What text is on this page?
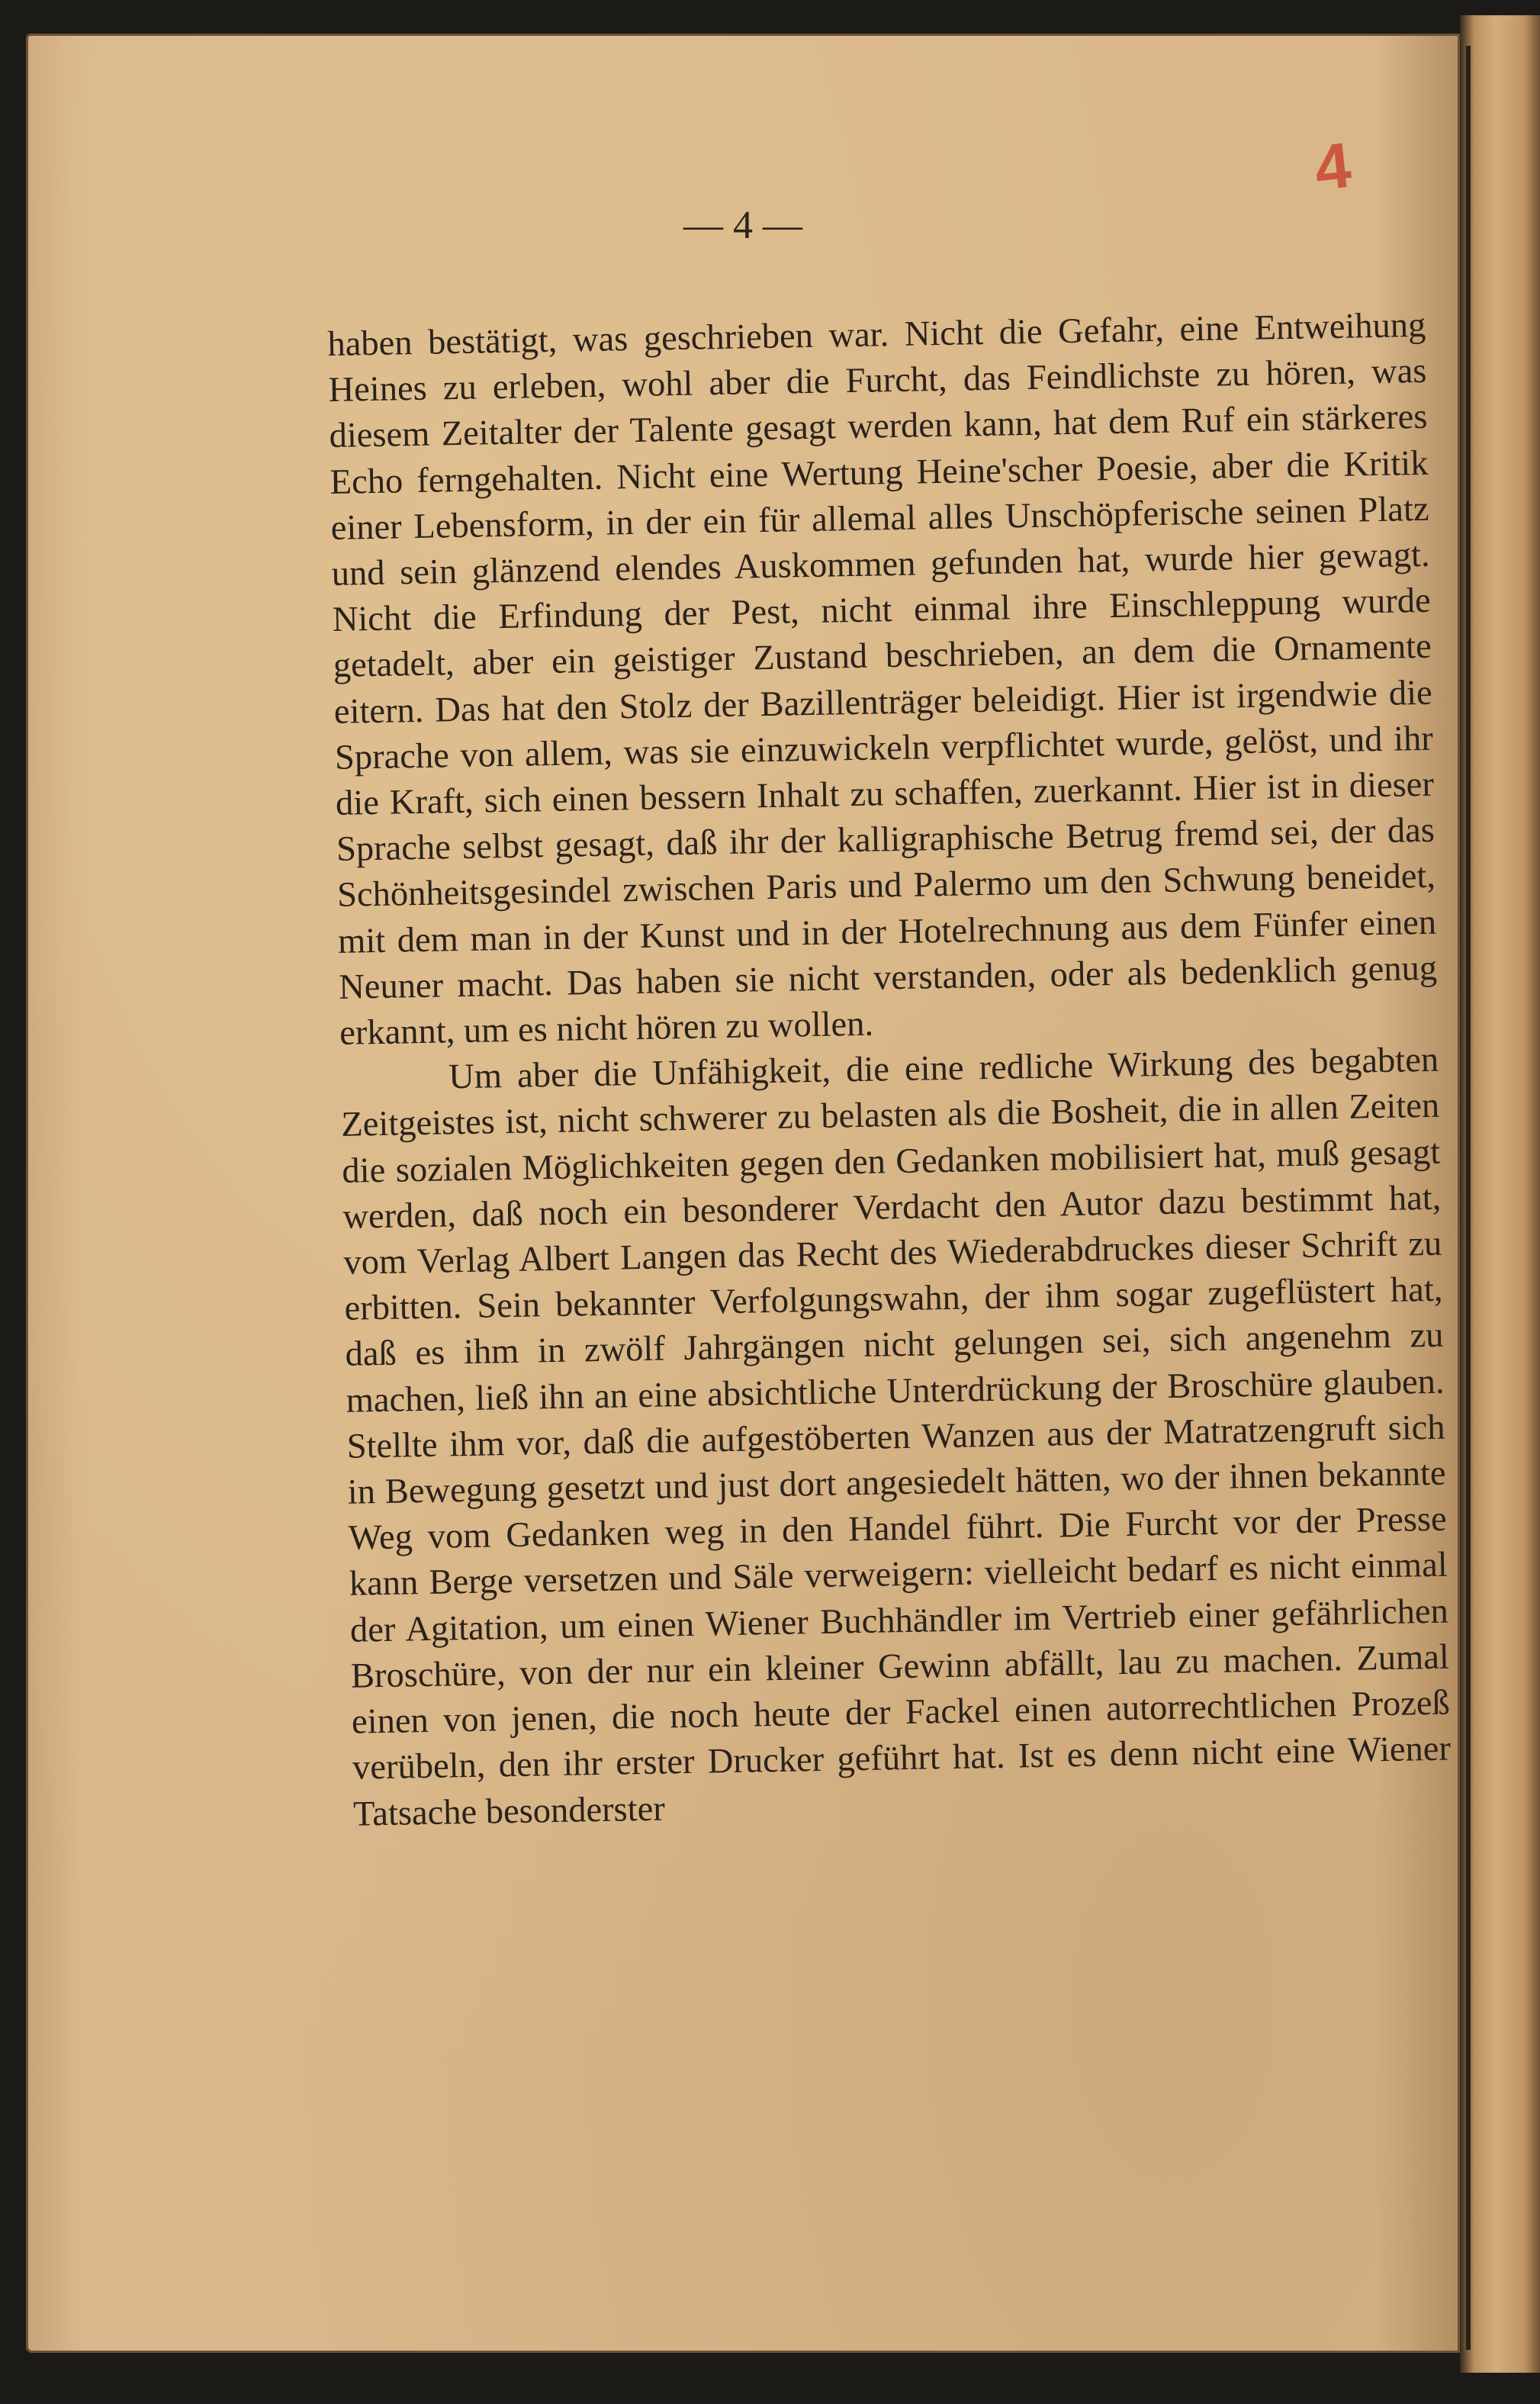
4

— 4 —

haben bestätigt, was geschrieben war. Nicht die Gefahr, eine Entweihung Heines zu erleben, wohl aber die Furcht, das Feindlichste zu hören, was diesem Zeitalter der Talente gesagt werden kann, hat dem Ruf ein stärkeres Echo ferngehalten. Nicht eine Wertung Heine'scher Poesie, aber die Kritik einer Lebensform, in der ein für allemal alles Unschöpferische seinen Platz und sein glänzend elendes Auskommen gefunden hat, wurde hier gewagt. Nicht die Erfindung der Pest, nicht einmal ihre Einschleppung wurde getadelt, aber ein geistiger Zustand beschrieben, an dem die Ornamente eitern. Das hat den Stolz der Bazillenträger beleidigt. Hier ist irgendwie die Sprache von allem, was sie einzuwickeln verpflichtet wurde, gelöst, und ihr die Kraft, sich einen bessern Inhalt zu schaffen, zuerkannt. Hier ist in dieser Sprache selbst gesagt, daß ihr der kalligraphische Betrug fremd sei, der das Schönheitsgesindel zwischen Paris und Palermo um den Schwung beneidet, mit dem man in der Kunst und in der Hotelrechnung aus dem Fünfer einen Neuner macht. Das haben sie nicht verstanden, oder als bedenklich genug erkannt, um es nicht hören zu wollen.

Um aber die Unfähigkeit, die eine redliche Wirkung des begabten Zeitgeistes ist, nicht schwerer zu belasten als die Bosheit, die in allen Zeiten die sozialen Möglichkeiten gegen den Gedanken mobilisiert hat, muß gesagt werden, daß noch ein besonderer Verdacht den Autor dazu bestimmt hat, vom Verlag Albert Langen das Recht des Wiederabdruckes dieser Schrift zu erbitten. Sein bekannter Verfolgungswahn, der ihm sogar zugeflüstert hat, daß es ihm in zwölf Jahrgängen nicht gelungen sei, sich angenehm zu machen, ließ ihn an eine absichtliche Unterdrückung der Broschüre glauben. Stellte ihm vor, daß die aufgestöberten Wanzen aus der Matratzengruft sich in Bewegung gesetzt und just dort angesiedelt hätten, wo der ihnen bekannte Weg vom Gedanken weg in den Handel führt. Die Furcht vor der Presse kann Berge versetzen und Säle verweigern: vielleicht bedarf es nicht einmal der Agitation, um einen Wiener Buchhändler im Vertrieb einer gefährlichen Broschüre, von der nur ein kleiner Gewinn abfällt, lau zu machen. Zumal einen von jenen, die noch heute der Fackel einen autorrechtlichen Prozeß verübeln, den ihr erster Drucker geführt hat. Ist es denn nicht eine Wiener Tatsache besonderster
